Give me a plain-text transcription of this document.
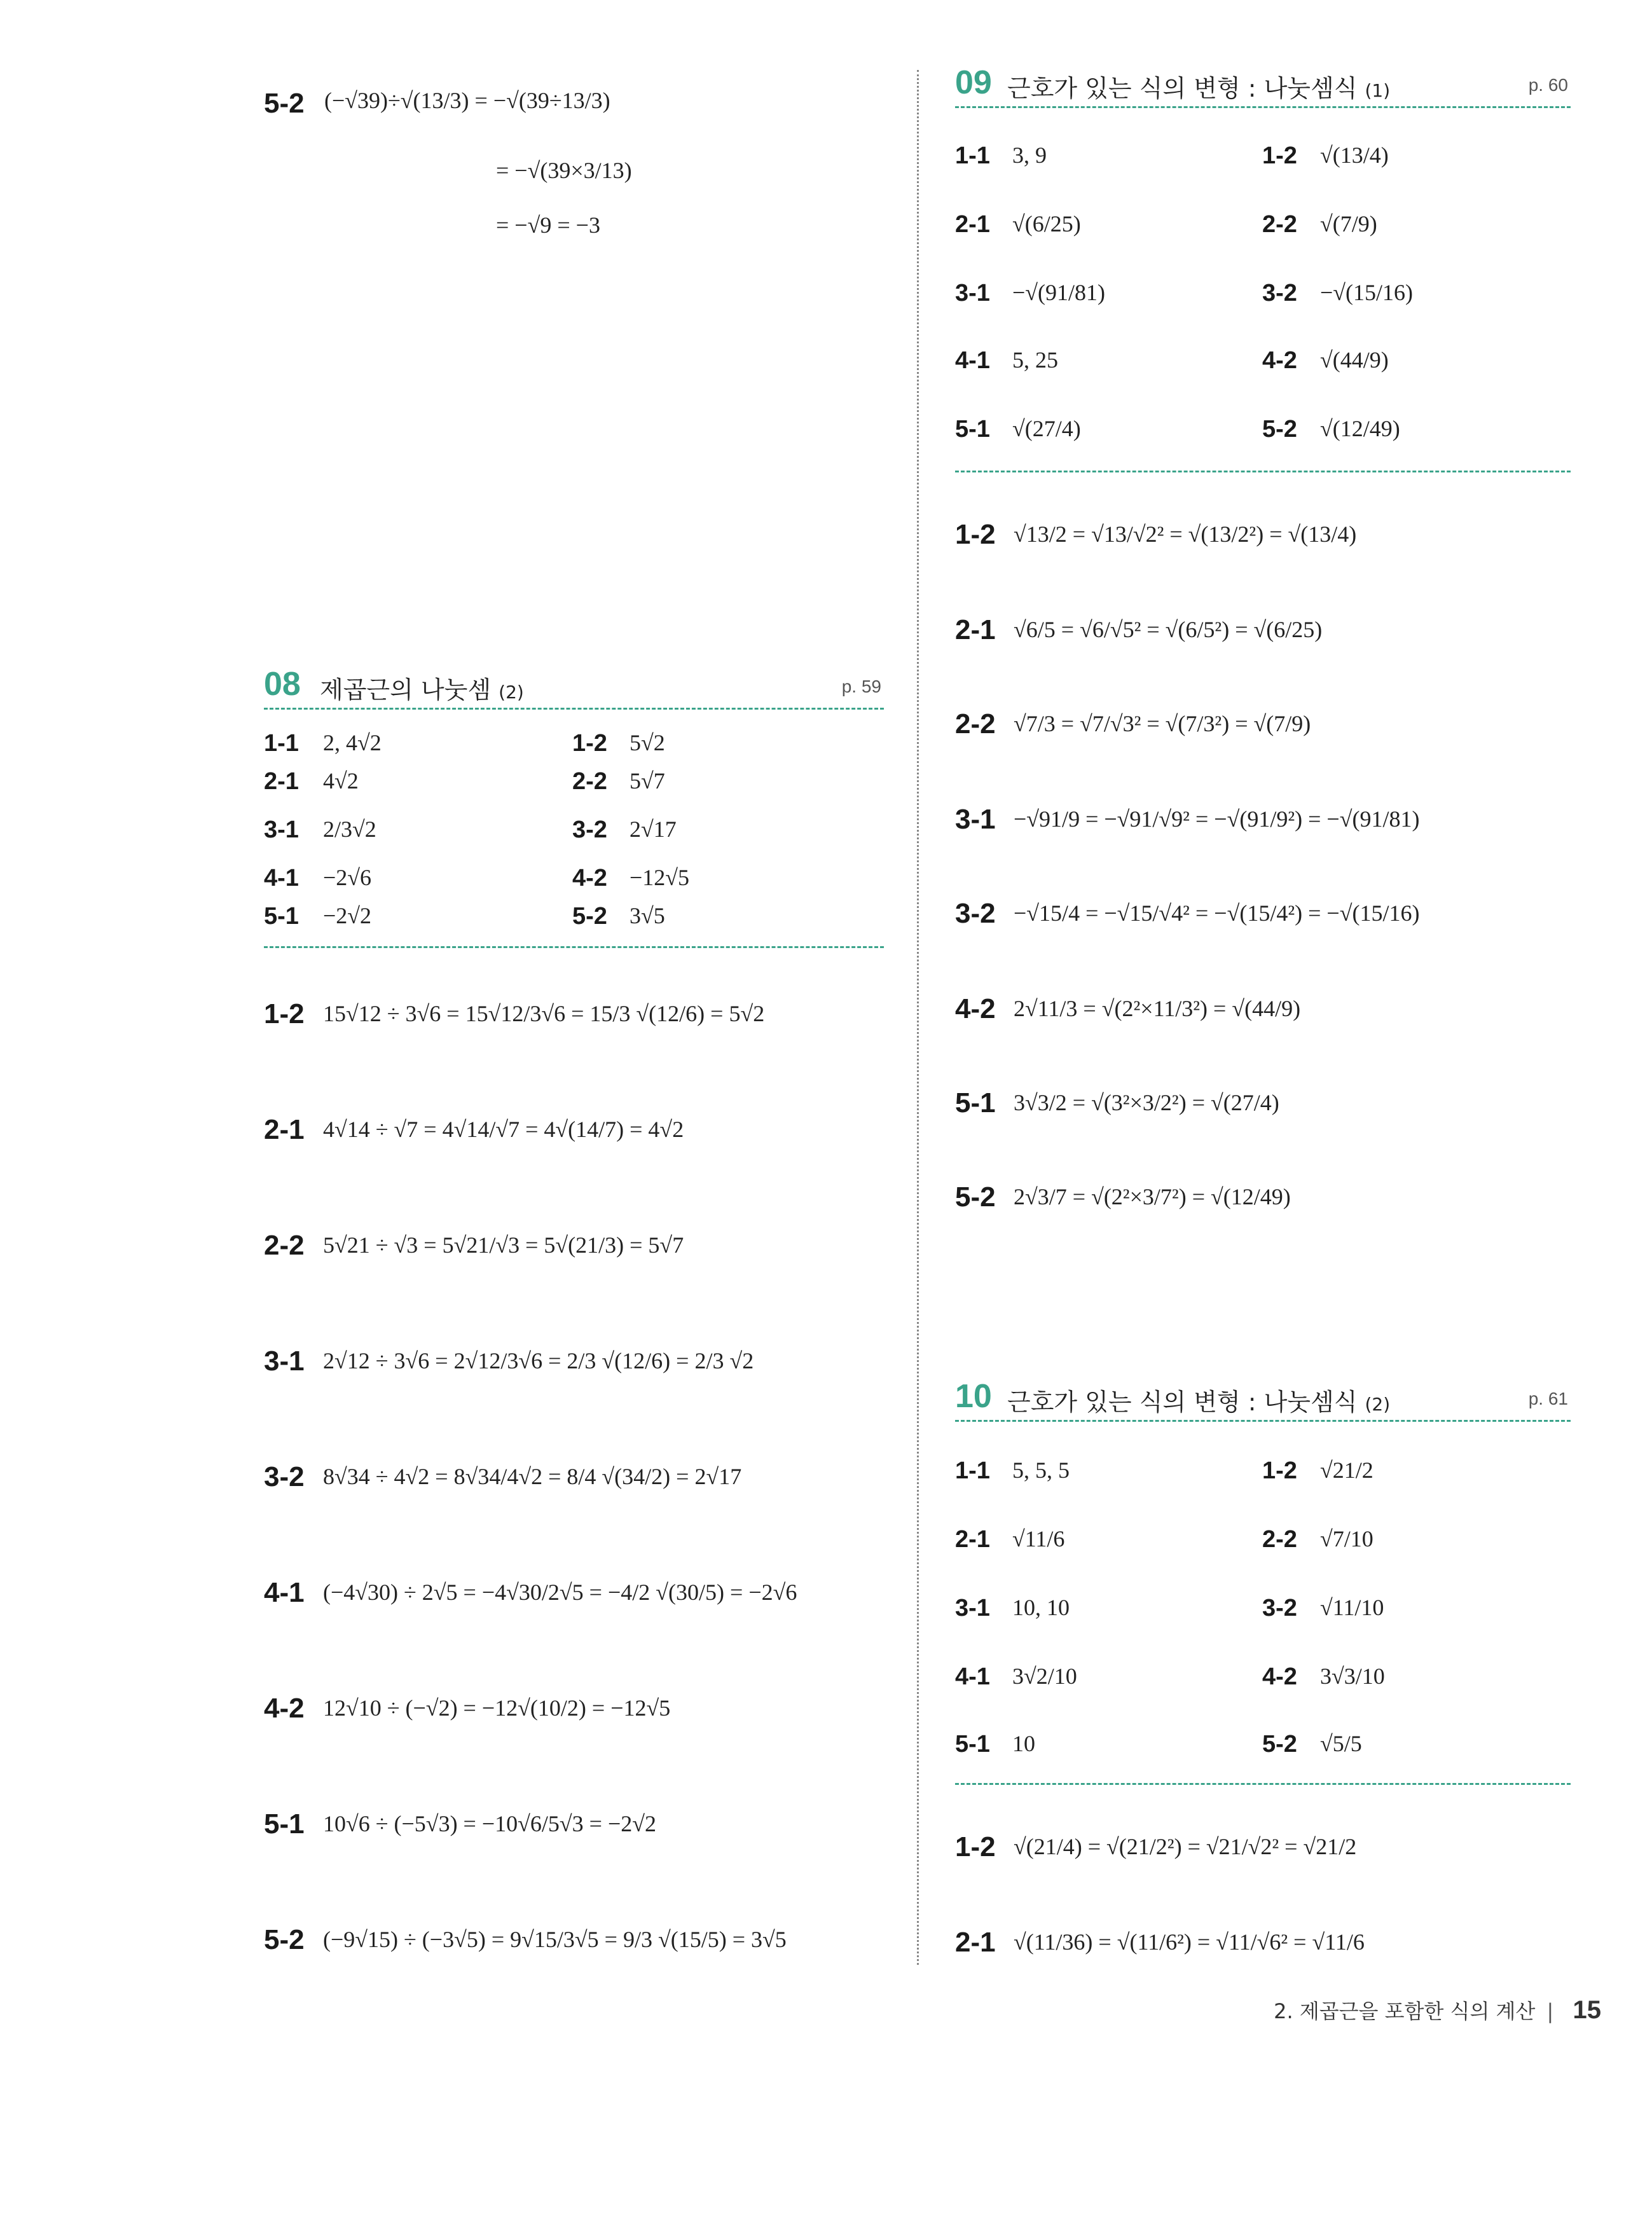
5-2 (−√39)÷√(13/3) = −√(39÷13/3)
= −√(39×3/13)
= −√9 = −3
08 제곱근의 나눗셈 (2)	p. 59
1-1 2, 4√2	1-2 5√2
2-1 4√2	2-2 5√7
3-1 2/3√2	3-2 2√17
4-1 −2√6	4-2 −12√5
5-1 −2√2	5-2 3√5
1-2 15√12 ÷ 3√6 = 15√12/3√6 = 15/3 √(12/6) = 5√2
2-1 4√14 ÷ √7 = 4√14/√7 = 4√(14/7) = 4√2
2-2 5√21 ÷ √3 = 5√21/√3 = 5√(21/3) = 5√7
3-1 2√12 ÷ 3√6 = 2√12/3√6 = 2/3 √(12/6) = 2/3 √2
3-2 8√34 ÷ 4√2 = 8√34/4√2 = 8/4 √(34/2) = 2√17
4-1 (−4√30) ÷ 2√5 = −4√30/2√5 = −4/2 √(30/5) = −2√6
4-2 12√10 ÷ (−√2) = −12√(10/2) = −12√5
5-1 10√6 ÷ (−5√3) = −10√6/5√3 = −2√2
5-2 (−9√15) ÷ (−3√5) = 9√15/3√5 = 9/3 √(15/5) = 3√5
09 근호가 있는 식의 변형 : 나눗셈식 (1)	p. 60
1-1 3, 9	1-2 √(13/4)
2-1 √(6/25)	2-2 √(7/9)
3-1 −√(91/81)	3-2 −√(15/16)
4-1 5, 25	4-2 √(44/9)
5-1 √(27/4)	5-2 √(12/49)
1-2 √13/2 = √13/√2² = √(13/2²) = √(13/4)
2-1 √6/5 = √6/√5² = √(6/5²) = √(6/25)
2-2 √7/3 = √7/√3² = √(7/3²) = √(7/9)
3-1 −√91/9 = −√91/√9² = −√(91/9²) = −√(91/81)
3-2 −√15/4 = −√15/√4² = −√(15/4²) = −√(15/16)
4-2 2√11/3 = √(2²×11/3²) = √(44/9)
5-1 3√3/2 = √(3²×3/2²) = √(27/4)
5-2 2√3/7 = √(2²×3/7²) = √(12/49)
10 근호가 있는 식의 변형 : 나눗셈식 (2)	p. 61
1-1 5, 5, 5	1-2 √21/2
2-1 √11/6	2-2 √7/10
3-1 10, 10	3-2 √11/10
4-1 3√2/10	4-2 3√3/10
5-1 10	5-2 √5/5
1-2 √(21/4) = √(21/2²) = √21/√2² = √21/2
2-1 √(11/36) = √(11/6²) = √11/√6² = √11/6
2. 제곱근을 포함한 식의 계산 | 15
